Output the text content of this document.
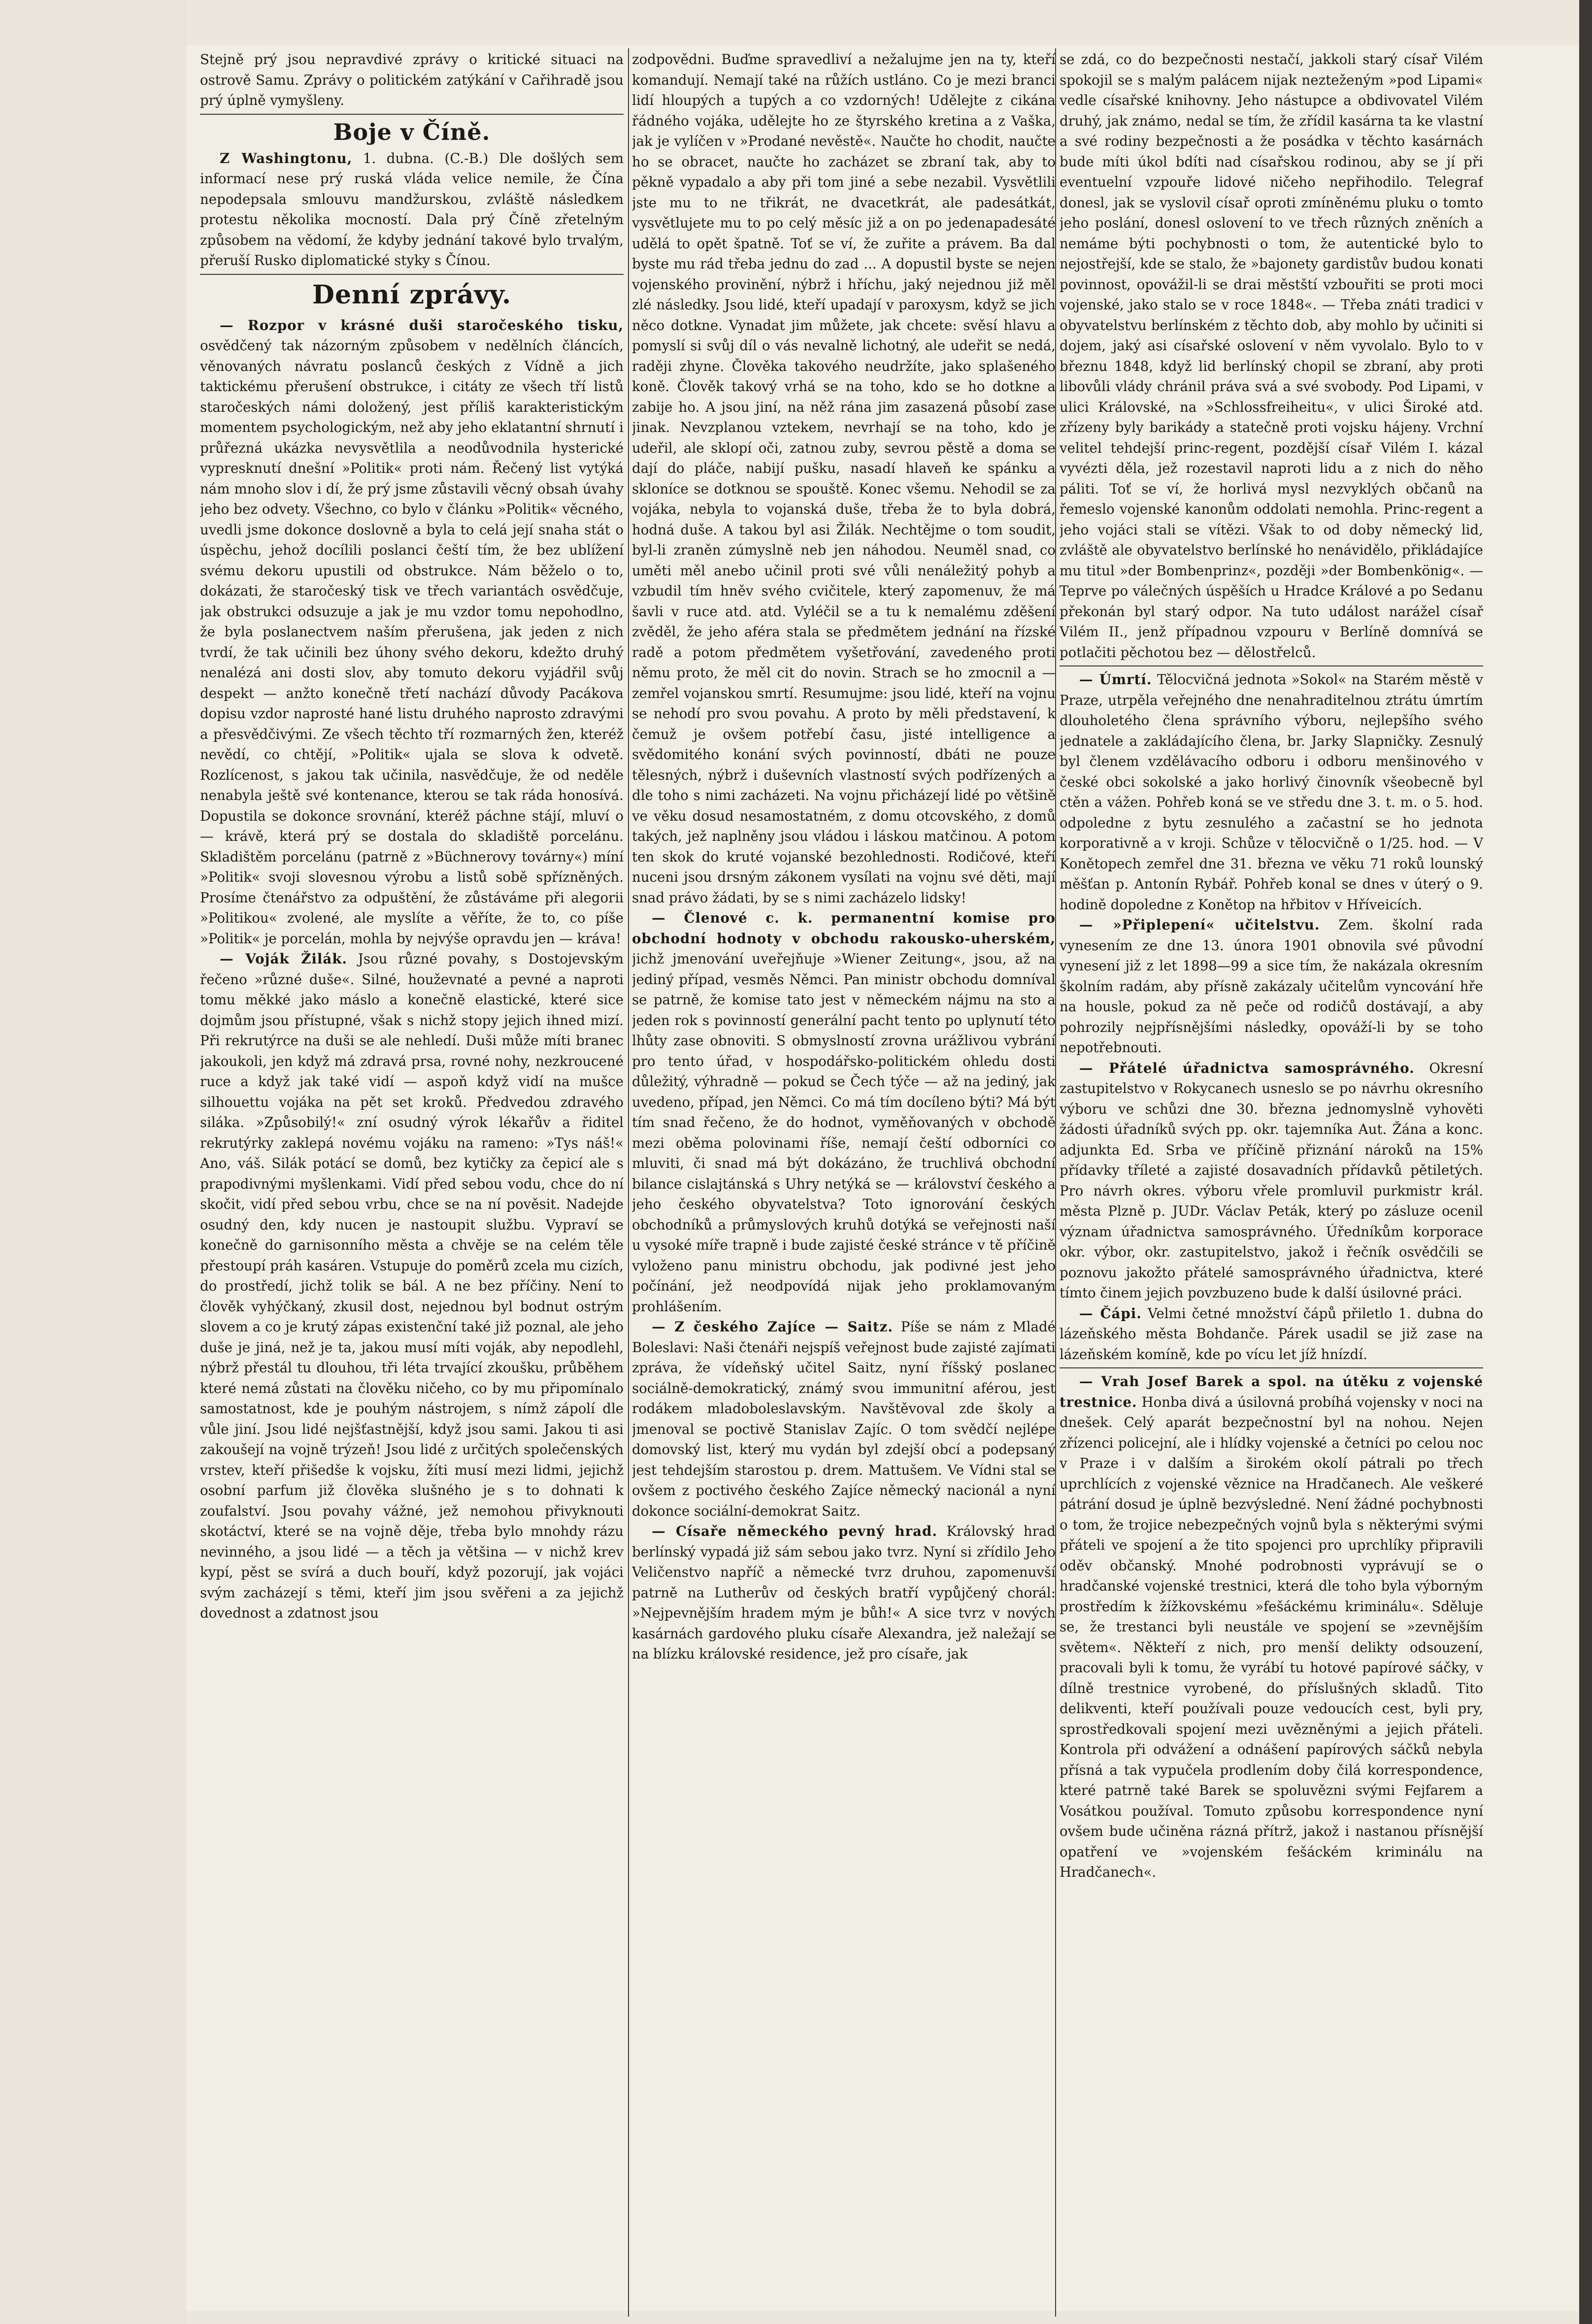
Stejně prý jsou nepravdivé zprávy o kritické situaci na ostrově Samu. Zprávy o politickém zatýkání v Cařihradě jsou prý úplně vymyšleny.

Boje v Číně.

Z Washingtonu, 1. dubna. (C.-B.) Dle došlých sem informací nese prý ruská vláda velice nemile, že Čína nepodepsala smlouvu mandžurskou, zvláště následkem protestu několika mocností. Dala prý Číně zřetelným způsobem na vědomí, že kdyby jednání takové bylo trvalým, přeruší Rusko diplomatické styky s Čínou.

Denní zprávy.

— Rozpor v krásné duši staročeského tisku, osvědčený tak názorným způsobem v nedělních článcích, věnovaných návratu poslanců českých z Vídně a jich taktickému přerušení obstrukce, i citáty ze všech tří listů staročeských námi doložený, jest příliš karakteristickým momentem psychologickým, než aby jeho eklatantní shrnutí i průřezná ukázka nevysvětlila a neodůvodnila hysterické vypresknutí dnešní »Politik« proti nám. Řečený list vytýká nám mnoho slov i dí, že prý jsme zůstavili věcný obsah úvahy jeho bez odvety. Všechno, co bylo v článku »Politik« věcného, uvedli jsme dokonce doslovně a byla to celá její snaha stát o úspěchu, jehož docílili poslanci čeští tím, že bez ublížení svému dekoru upustili od obstrukce. Nám běželo o to, dokázati, že staročeský tisk ve třech variantách osvědčuje, jak obstrukci odsuzuje a jak je mu vzdor tomu nepohodlno, že byla poslanectvem naším přerušena, jak jeden z nich tvrdí, že tak učinili bez úhony svého dekoru, kdežto druhý nenalézá ani dosti slov, aby tomuto dekoru vyjádřil svůj despekt — anžto konečně třetí nachází důvody Pacákova dopisu vzdor naprosté hané listu druhého naprosto zdravými a přesvědčivými. Ze všech těchto tří rozmarných žen, kteréž nevědí, co chtějí, »Politik« ujala se slova k odvetě. Rozlícenost, s jakou tak učinila, nasvědčuje, že od neděle nenabyla ještě své kontenance, kterou se tak ráda honosívá. Dopustila se dokonce srovnání, kteréž páchne stájí, mluví o — krávě, která prý se dostala do skladiště porcelánu. Skladištěm porcelánu (patrně z »Büchnerovy továrny«) míní »Politik« svoji slovesnou výrobu a listů sobě spřízněných. Prosíme čtenářstvo za odpuštění, že zůstáváme při alegorii »Politikou« zvolené, ale myslíte a věříte, že to, co píše »Politik« je porcelán, mohla by nejvýše opravdu jen — kráva!

— Voják Žilák. Jsou různé povahy, s Dostojevským řečeno »různé duše«. Silné, houževnaté a pevné a naproti tomu měkké jako máslo a konečně elastické, které sice dojmům jsou přístupné, však s nichž stopy jejich ihned mizí. Při rekrutýrce na duši se ale nehledí. Duši může míti branec jakoukoli, jen když má zdravá prsa, rovné nohy, nezkroucené ruce a když jak také vidí — aspoň když vidí na mušce silhouettu vojáka na pět set kroků. Předvedou zdravého siláka. »Způsobilý!« zní osudný výrok lékařův a řiditel rekrutýrky zaklepá novému vojáku na rameno: »Tys náš!« Ano, váš. Silák potácí se domů, bez kytičky za čepicí ale s prapodivnými myšlenkami. Vidí před sebou vodu, chce do ní skočit, vidí před sebou vrbu, chce se na ní pověsit. Nadejde osudný den, kdy nucen je nastoupit službu. Vypraví se konečně do garnisonního města a chvěje se na celém těle přestoupí práh kasáren. Vstupuje do poměrů zcela mu cizích, do prostředí, jichž tolik se bál. A ne bez příčiny. Není to člověk vyhýčkaný, zkusil dost, nejednou byl bodnut ostrým slovem a co je krutý zápas existenční také již poznal, ale jeho duše je jiná, než je ta, jakou musí míti voják, aby nepodlehl, nýbrž přestál tu dlouhou, tři léta trvající zkoušku, průběhem které nemá zůstati na člověku ničeho, co by mu připomínalo samostatnost, kde je pouhým nástrojem, s nímž zápolí dle vůle jiní. Jsou lidé nejšťastnější, když jsou sami. Jakou ti asi zakoušejí na vojně trýzeň! Jsou lidé z určitých společenských vrstev, kteří přišedše k vojsku, žíti musí mezi lidmi, jejichž osobní parfum již člověka slušného je s to dohnati k zoufalství. Jsou povahy vážné, jež nemohou přivyknouti skotáctví, které se na vojně děje, třeba bylo mnohdy rázu nevinného, a jsou lidé — a těch ja většina — v nichž krev kypí, pěst se svírá a duch bouří, když pozorují, jak vojáci svým zacházejí s těmi, kteří jim jsou svěřeni a za jejichž dovednost a zdatnost jsou

zodpovědni. Buďme spravedliví a nežalujme jen na ty, kteří komandují. Nemají také na růžích ustláno. Co je mezi branci lidí hloupých a tupých a co vzdorných! Udělejte z cikána řádného vojáka, udělejte ho ze štyrského kretina a z Vaška, jak je vylíčen v »Prodané nevěstě«. Naučte ho chodit, naučte ho se obracet, naučte ho zacházet se zbraní tak, aby to pěkně vypadalo a aby při tom jiné a sebe nezabil. Vysvětlili jste mu to ne třikrát, ne dvacetkrát, ale padesátkát, vysvětlujete mu to po celý měsíc již a on po jedenapadesáté udělá to opět špatně. Toť se ví, že zuřite a právem. Ba dal byste mu rád třeba jednu do zad ... A dopustil byste se nejen vojenského provinění, nýbrž i hříchu, jaký nejednou již měl zlé následky. Jsou lidé, kteří upadají v paroxysm, když se jich něco dotkne. Vynadat jim můžete, jak chcete: svěsí hlavu a pomyslí si svůj díl o vás nevalně lichotný, ale udeřit se nedá, raději zhyne. Člověka takového neudržíte, jako splašeného koně. Člověk takový vrhá se na toho, kdo se ho dotkne a zabije ho. A jsou jiní, na něž rána jim zasazená působí zase jinak. Nevzplanou vztekem, nevrhají se na toho, kdo je udeřil, ale sklopí oči, zatnou zuby, sevrou pěstě a doma se dají do pláče, nabijí pušku, nasadí hlaveň ke spánku a skloníce se dotknou se spouště. Konec všemu. Nehodil se za vojáka, nebyla to vojanská duše, třeba že to byla dobrá, hodná duše. A takou byl asi Žilák. Nechtějme o tom soudit, byl-li zraněn zúmyslně neb jen náhodou. Neuměl snad, co uměti měl anebo učinil proti své vůli nenáležitý pohyb a vzbudil tím hněv svého cvičitele, který zapomenuv, že má šavli v ruce atd. atd. Vyléčil se a tu k nemalému zděšení zvěděl, že jeho aféra stala se předmětem jednání na řízské radě a potom předmětem vyšetřování, zavedeného proti němu proto, že měl cit do novin. Strach se ho zmocnil a — zemřel vojanskou smrtí. Resumujme: jsou lidé, kteří na vojnu se nehodí pro svou povahu. A proto by měli představení, k čemuž je ovšem potřebí času, jisté intelligence a svědomitého konání svých povinností, dbáti ne pouze tělesných, nýbrž i duševních vlastností svých podřízených a dle toho s nimi zacházeti. Na vojnu přicházejí lidé po většině ve věku dosud nesamostatném, z domu otcovského, z domů takých, jež naplněny jsou vládou i láskou matčinou. A potom ten skok do kruté vojanské bezohlednosti. Rodičové, kteří nuceni jsou drsným zákonem vysílati na vojnu své děti, mají snad právo žádati, by se s nimi zacházelo lidsky!

— Členové c. k. permanentní komise pro obchodní hodnoty v obchodu rakousko-uherském, jichž jmenování uveřejňuje »Wiener Zeitung«, jsou, až na jediný případ, vesměs Němci. Pan ministr obchodu domníval se patrně, že komise tato jest v německém nájmu na sto a jeden rok s povinností generální pacht tento po uplynutí této lhůty zase obnoviti. S obmyslností zrovna urážlivou vybrání pro tento úřad, v hospodářsko-politickém ohledu dosti důležitý, výhradně — pokud se Čech týče — až na jediný, jak uvedeno, případ, jen Němci. Co má tím docíleno býti? Má být tím snad řečeno, že do hodnot, vyměňovaných v obchodě mezi oběma polovinami říše, nemají čeští odborníci co mluviti, či snad má být dokázáno, že truchlivá obchodní bilance cislajtánská s Uhry netýká se — království českého a jeho českého obyvatelstva? Toto ignorování českých obchodníků a průmyslových kruhů dotýká se veřejnosti naší u vysoké míře trapně i bude zajisté české stránce v tě příčině vyloženo panu ministru obchodu, jak podivné jest jeho počínání, jež neodpovídá nijak jeho proklamovaným prohlášením.

— Z českého Zajíce — Saitz. Píše se nám z Mladé Boleslavi: Naši čtenáři nejspíš veřejnost bude zajisté zajímati zpráva, že vídeňský učitel Saitz, nyní říšský poslanec sociálně-demokratický, známý svou immunitní aférou, jest rodákem mladoboleslavským. Navštěvoval zde školy a jmenoval se poctivě Stanislav Zajíc. O tom svědčí nejlépe domovský list, který mu vydán byl zdejší obcí a podepsaný jest tehdejším starostou p. drem. Mattušem. Ve Vídni stal se ovšem z poctivého českého Zajíce německý nacionál a nyní dokonce sociální-demokrat Saitz.

— Císaře německého pevný hrad. Královský hrad berlínský vypadá již sám sebou jako tvrz. Nyní si zřídilo Jeho Veličenstvo napříč a německé tvrz druhou, zapomenuvší patrně na Lutherův od českých bratří vypůjčený chorál: »Nejpevnějším hradem mým je bůh!« A sice tvrz v nových kasárnách gardového pluku císaře Alexandra, jež naležají se na blízku královské residence, jež pro císaře, jak

se zdá, co do bezpečnosti nestačí, jakkoli starý císař Vilém spokojil se s malým palácem nijak nezteženým »pod Lipami« vedle císařské knihovny. Jeho nástupce a obdivovatel Vilém druhý, jak známo, nedal se tím, že zřídil kasárna ta ke vlastní a své rodiny bezpečnosti a že posádka v těchto kasárnách bude míti úkol bdíti nad císařskou rodinou, aby se jí při eventuelní vzpouře lidové ničeho nepřihodilo. Telegraf donesl, jak se vyslovil císař oproti zmíněnému pluku o tomto jeho poslání, donesl oslovení to ve třech různých zněních a nemáme býti pochybnosti o tom, že autentické bylo to nejostřejší, kde se stalo, že »bajonety gardistův budou konati povinnost, opovážil-li se drai městští vzbouřiti se proti moci vojenské, jako stalo se v roce 1848«. — Třeba znáti tradici v obyvatelstvu berlínském z těchto dob, aby mohlo by učiniti si dojem, jaký asi císařské oslovení v něm vyvolalo. Bylo to v březnu 1848, když lid berlínský chopil se zbraní, aby proti libovůli vlády chránil práva svá a své svobody. Pod Lipami, v ulici Královské, na »Schlossfreiheitu«, v ulici Široké atd. zřízeny byly barikády a statečně proti vojsku hájeny. Vrchní velitel tehdejší princ-regent, pozdější císař Vilém I. kázal vyvézti děla, jež rozestavil naproti lidu a z nich do něho páliti. Toť se ví, že horlivá mysl nezvyklých občanů na řemeslo vojenské kanonům oddolati nemohla. Princ-regent a jeho vojáci stali se vítězi. Však to od doby německý lid, zvláště ale obyvatelstvo berlínské ho nenávidělo, přikládajíce mu titul »der Bombenprinz«, později »der Bombenkönig«. — Teprve po válečných úspěších u Hradce Králové a po Sedanu překonán byl starý odpor. Na tuto událost narážel císař Vilém II., jenž případnou vzpouru v Berlíně domnívá se potlačiti pěchotou bez — dělostřelců.

— Úmrtí. Tělocvičná jednota »Sokol« na Starém městě v Praze, utrpěla veřejného dne nenahraditelnou ztrátu úmrtím dlouholetého člena správního výboru, nejlepšího svého jednatele a zakládajícího člena, br. Jarky Slapničky. Zesnulý byl členem vzdělávacího odboru i odboru menšinového v české obci sokolské a jako horlivý činovník všeobecně byl ctěn a vážen. Pohřeb koná se ve středu dne 3. t. m. o 5. hod. odpoledne z bytu zesnulého a začastní se ho jednota korporativně a v kroji. Schůze v tělocvičně o 1/25. hod. — V Konětopech zemřel dne 31. března ve věku 71 roků lounský měšťan p. Antonín Rybář. Pohřeb konal se dnes v úterý o 9. hodině dopoledne z Konětop na hřbitov v Hříveicích.

— »Připlepení« učitelstvu. Zem. školní rada vynesením ze dne 13. února 1901 obnovila své původní vynesení již z let 1898—99 a sice tím, že nakázala okresním školním radám, aby přísně zakázaly učitelům vyncování hře na housle, pokud za ně peče od rodičů dostávají, a aby pohrozily nejpřísnějšími následky, opováží-li by se toho nepotřebnouti.

— Přátelé úřadnictva samosprávného. Okresní zastupitelstvo v Rokycanech usneslo se po návrhu okresního výboru ve schůzi dne 30. března jednomyslně vyhověti žádosti úřadníků svých pp. okr. tajemníka Aut. Žána a konc. adjunkta Ed. Srba ve příčině přiznání nároků na 15% přídavky tříleté a zajisté dosavadních přídavků pětiletých. Pro návrh okres. výboru vřele promluvil purkmistr král. města Plzně p. JUDr. Václav Peták, který po zásluze ocenil význam úřadnictva samosprávného. Úředníkům korporace okr. výbor, okr. zastupitelstvo, jakož i řečník osvědčili se poznovu jakožto přátelé samosprávného úřadnictva, které tímto činem jejich povzbuzeno bude k další úsilovné práci.

— Čápi. Velmi četné množství čápů přiletlo 1. dubna do lázeňského města Bohdanče. Párek usadil se již zase na lázeňském komíně, kde po vícu let jíž hnízdí.

— Vrah Josef Barek a spol. na útěku z vojenské trestnice. Honba divá a úsilovná probíhá vojensky v noci na dnešek. Celý aparát bezpečnostní byl na nohou. Nejen zřízenci policejní, ale i hlídky vojenské a četníci po celou noc v Praze i v dalším a širokém okolí pátrali po třech uprchlících z vojenské věznice na Hradčanech. Ale veškeré pátrání dosud je úplně bezvýsledné. Není žádné pochybnosti o tom, že trojice nebezpečných vojnů byla s některými svými přáteli ve spojení a že tito spojenci pro uprchlíky připravili oděv občanský. Mnohé podrobnosti vyprávují se o hradčanské vojenské trestnici, která dle toho byla výborným prostředím k žížkovskému »fešáckému kriminálu«. Sděluje se, že trestanci byli neustále ve spojení se »zevnějším světem«. Někteří z nich, pro menší delikty odsouzení, pracovali byli k tomu, že vyrábí tu hotové papírové sáčky, v dílně trestnice vyrobené, do příslušných skladů. Tito delikventi, kteří používali pouze vedoucích cest, byli pry, sprostředkovali spojení mezi uvězněnými a jejich přáteli. Kontrola při odvážení a odnášení papírových sáčků nebyla přísná a tak vypučela prodlením doby čilá korrespondence, které patrně také Barek se spoluvězni svými Fejfarem a Vosátkou používal. Tomuto způsobu korrespondence nyní ovšem bude učiněna rázná přítrž, jakož i nastanou přísnější opatření ve »vojenském fešáckém kriminálu na Hradčanech«.
